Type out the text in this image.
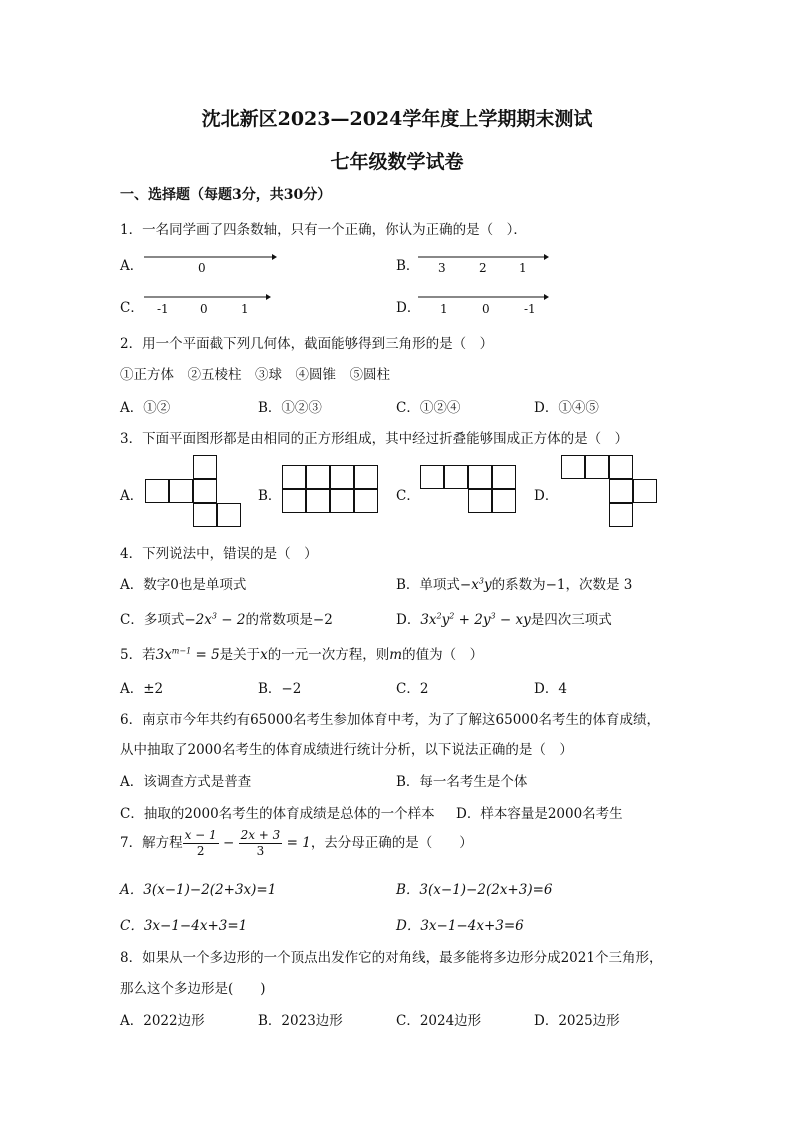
沈北新区2023—2024学年度上学期期末测试
七年级数学试卷
一、选择题（每题3分，共30分）
1．一名同学画了四条数轴，只有一个正确，你认为正确的是（　）．
A．	0	B． 3	2	1
C． -1	0	1	D． 1	0	-1
2．用一个平面截下列几何体，截面能够得到三角形的是（　）
①正方体　②五棱柱　③球　④圆锥　⑤圆柱
A．①②	B．①②③	C．①②④	D．①④⑤
3．下面平面图形都是由相同的正方形组成，其中经过折叠能够围成正方体的是（　）
A．	B．	C．	D．
4．下列说法中，错误的是（　）
A．数字0也是单项式	B．单项式$-x^3y$的系数为−1，次数是 3
C．多项式$-2x^3 - 2$的常数项是−2	D．$3x^2y^2 + 2y^3$ − xy是四次三项式
5．若$3x^{m-1} = 5$是关于x的一元一次方程，则m的值为（　）
A．±2	B．−2	C．2	D．4
6．南京市今年共约有65000名考生参加体育中考，为了了解这65000名考生的体育成绩，
从中抽取了2000名考生的体育成绩进行统计分析，以下说法正确的是（　）
A．该调查方式是普查	B．每一名考生是个体
C．抽取的2000名考生的体育成绩是总体的一个样本 D．样本容量是2000名考生
7．解方程 $\frac{x - 1}{2} - \frac{2x + 3}{3} = 1$，去分母正确的是（　　）
A．3(x−1)−2(2+3x)=1	B．3(x−1)−2(2x+3)=6
C．3x−1−4x+3=1	D．3x−1−4x+3=6
8．如果从一个多边形的一个顶点出发作它的对角线，最多能将多边形分成2021个三角形，
那么这个多边形是(　　)
A．2022边形	B．2023边形	C．2024边形	D．2025边形
